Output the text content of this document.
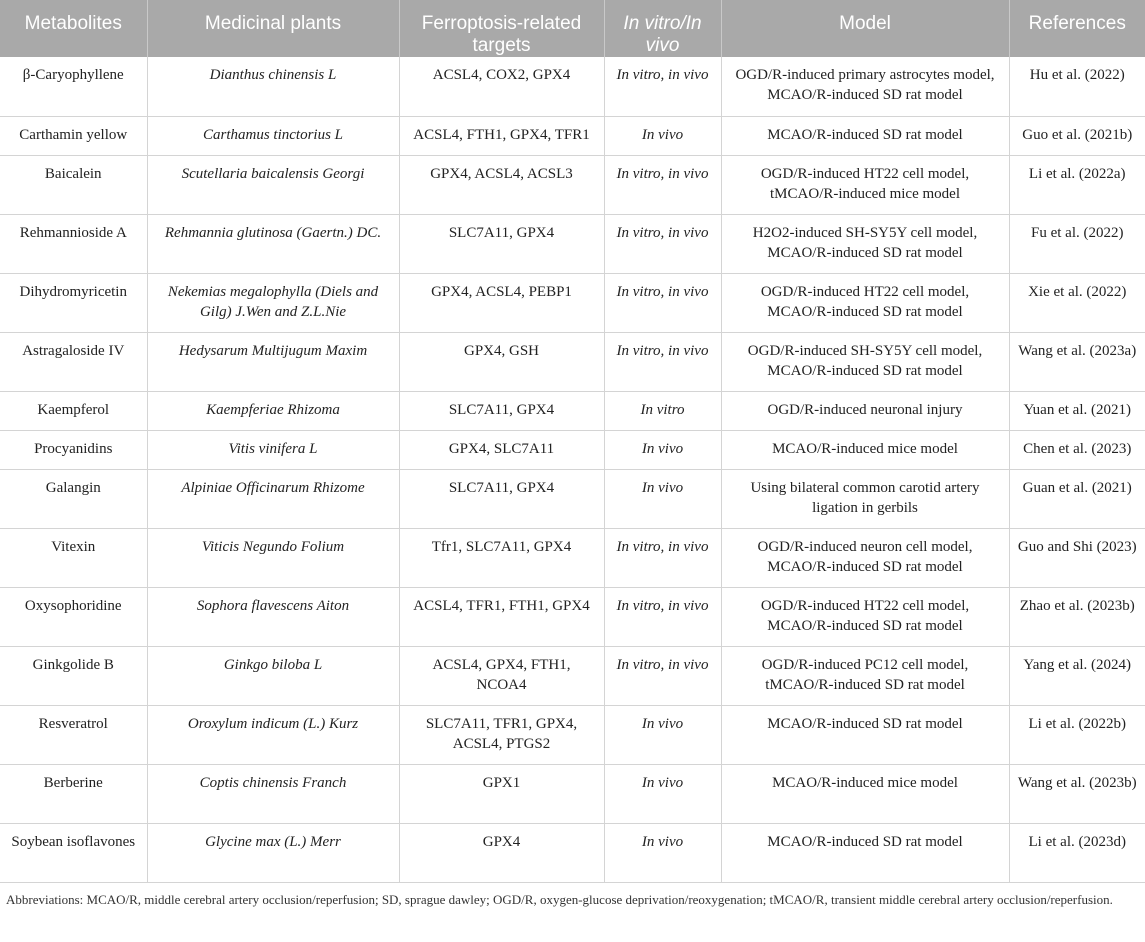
Metabolites	Medicinal plants	Ferroptosis-related targets	In vitro/In vivo	Model	References
β-Caryophyllene	Dianthus chinensis L	ACSL4, COX2, GPX4	In vitro, in vivo	OGD/R-induced primary astrocytes model, MCAO/R-induced SD rat model	Hu et al. (2022)
Carthamin yellow	Carthamus tinctorius L	ACSL4, FTH1, GPX4, TFR1	In vivo	MCAO/R-induced SD rat model	Guo et al. (2021b)
Baicalein	Scutellaria baicalensis Georgi	GPX4, ACSL4, ACSL3	In vitro, in vivo	OGD/R-induced HT22 cell model, tMCAO/R-induced mice model	Li et al. (2022a)
Rehmannioside A	Rehmannia glutinosa (Gaertn.) DC.	SLC7A11, GPX4	In vitro, in vivo	H2O2-induced SH-SY5Y cell model, MCAO/R-induced SD rat model	Fu et al. (2022)
Dihydromyricetin	Nekemias megalophylla (Diels and Gilg) J.Wen and Z.L.Nie	GPX4, ACSL4, PEBP1	In vitro, in vivo	OGD/R-induced HT22 cell model, MCAO/R-induced SD rat model	Xie et al. (2022)
Astragaloside IV	Hedysarum Multijugum Maxim	GPX4, GSH	In vitro, in vivo	OGD/R-induced SH-SY5Y cell model, MCAO/R-induced SD rat model	Wang et al. (2023a)
Kaempferol	Kaempferiae Rhizoma	SLC7A11, GPX4	In vitro	OGD/R-induced neuronal injury	Yuan et al. (2021)
Procyanidins	Vitis vinifera L	GPX4, SLC7A11	In vivo	MCAO/R-induced mice model	Chen et al. (2023)
Galangin	Alpiniae Officinarum Rhizome	SLC7A11, GPX4	In vivo	Using bilateral common carotid artery ligation in gerbils	Guan et al. (2021)
Vitexin	Viticis Negundo Folium	Tfr1, SLC7A11, GPX4	In vitro, in vivo	OGD/R-induced neuron cell model, MCAO/R-induced SD rat model	Guo and Shi (2023)
Oxysophoridine	Sophora flavescens Aiton	ACSL4, TFR1, FTH1, GPX4	In vitro, in vivo	OGD/R-induced HT22 cell model, MCAO/R-induced SD rat model	Zhao et al. (2023b)
Ginkgolide B	Ginkgo biloba L	ACSL4, GPX4, FTH1, NCOA4	In vitro, in vivo	OGD/R-induced PC12 cell model, tMCAO/R-induced SD rat model	Yang et al. (2024)
Resveratrol	Oroxylum indicum (L.) Kurz	SLC7A11, TFR1, GPX4, ACSL4, PTGS2	In vivo	MCAO/R-induced SD rat model	Li et al. (2022b)
Berberine	Coptis chinensis Franch	GPX1	In vivo	MCAO/R-induced mice model	Wang et al. (2023b)
Soybean isoflavones	Glycine max (L.) Merr	GPX4	In vivo	MCAO/R-induced SD rat model	Li et al. (2023d)
Abbreviations: MCAO/R, middle cerebral artery occlusion/reperfusion; SD, sprague dawley; OGD/R, oxygen-glucose deprivation/reoxygenation; tMCAO/R, transient middle cerebral artery occlusion/reperfusion.
